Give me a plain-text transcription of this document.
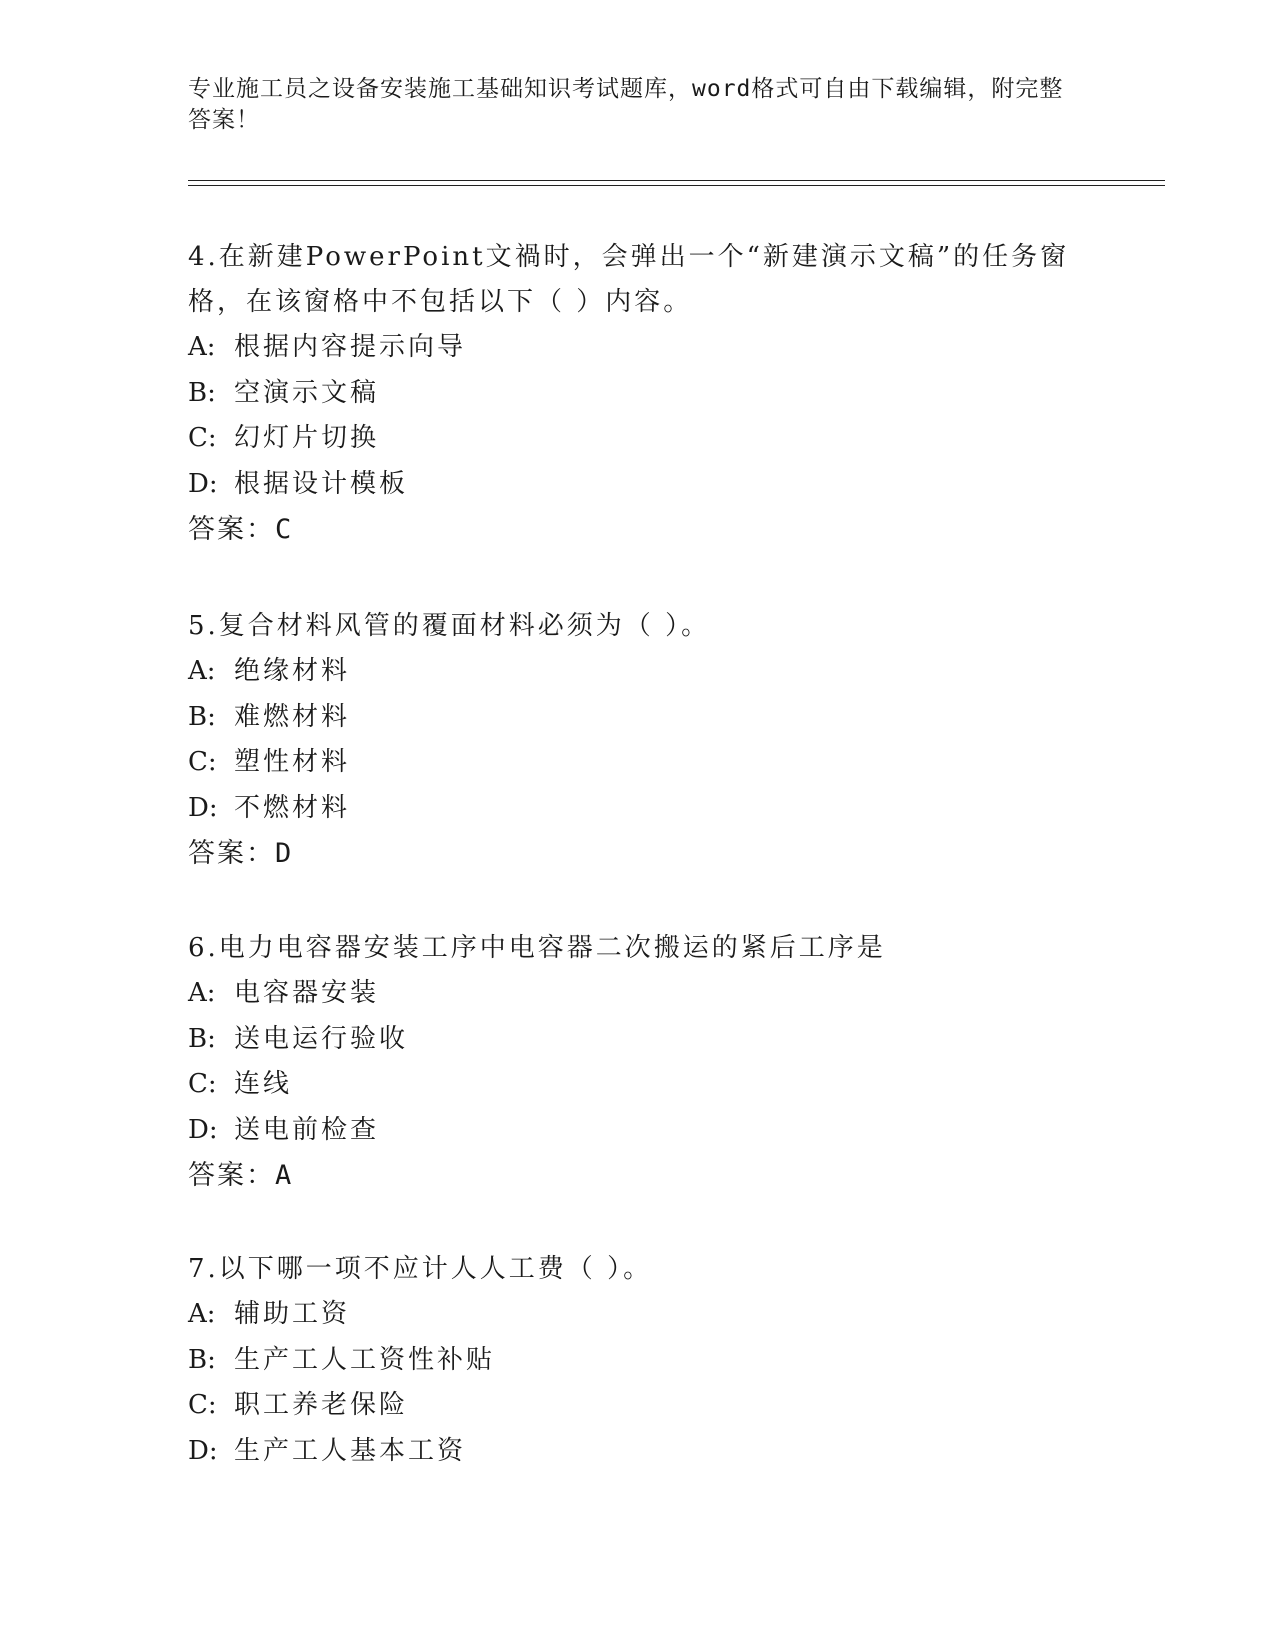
专业施工员之设备安装施工基础知识考试题库，word格式可自由下载编辑，附完整答案！

4.在新建PowerPoint文禍时，会弹出一个“新建演示文稿”的任务窗格，在该窗格中不包括以下（ ）内容。

A: 根据内容提示向导

B: 空演示文稿

C: 幻灯片切换

D: 根据设计模板

答案：C

5.复合材料风管的覆面材料必须为（ ）。

A: 绝缘材料

B: 难燃材料

C: 塑性材料

D: 不燃材料

答案：D

6.电力电容器安装工序中电容器二次搬运的紧后工序是

A: 电容器安装

B: 送电运行验收

C: 连线

D: 送电前检查

答案：A

7.以下哪一项不应计人人工费（ ）。

A: 辅助工资

B: 生产工人工资性补贴

C: 职工养老保险

D: 生产工人基本工资
